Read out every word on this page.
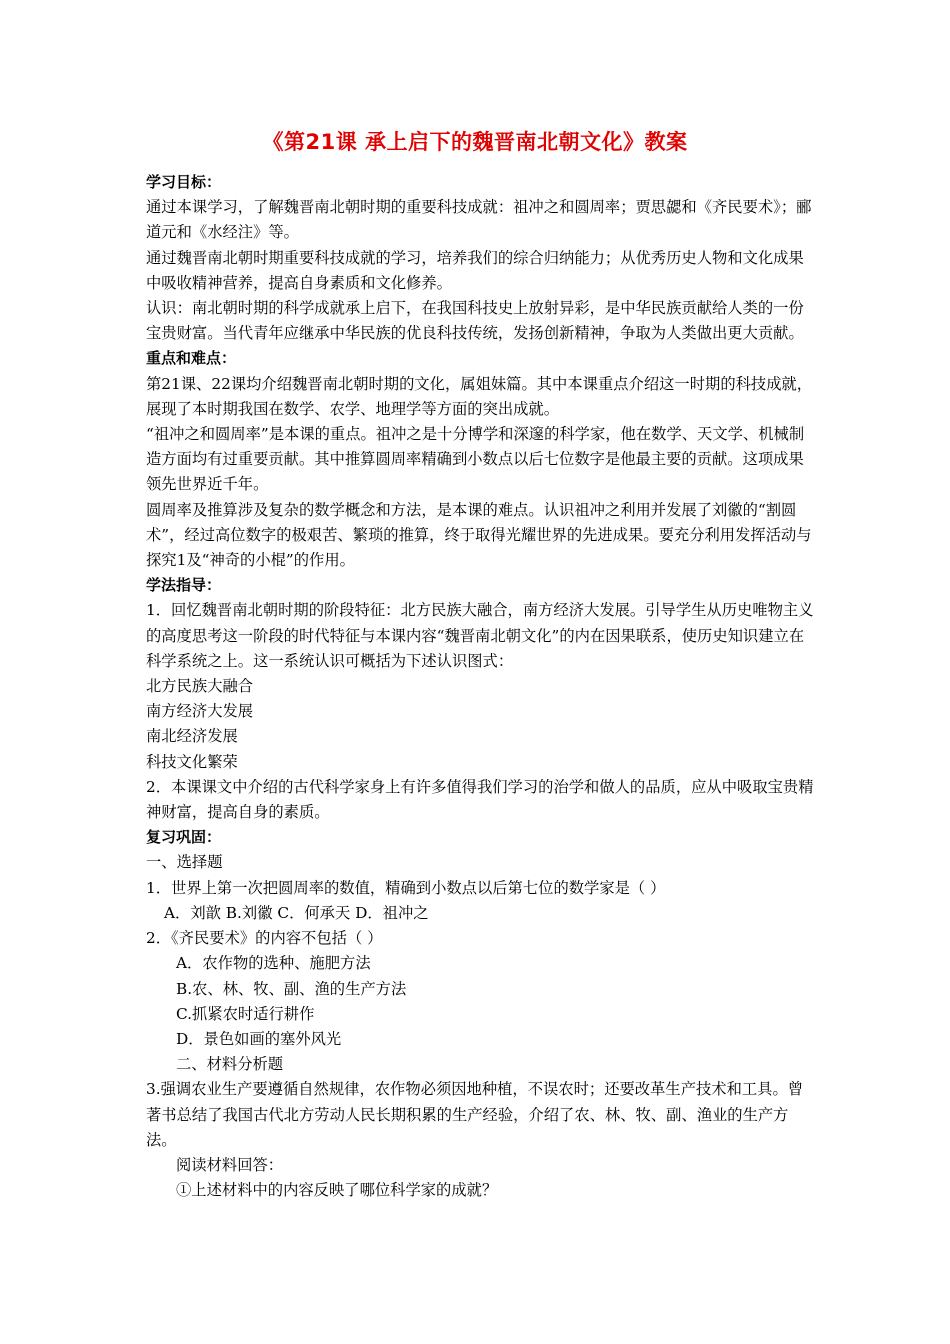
《第21课 承上启下的魏晋南北朝文化》教案

学习目标：

通过本课学习，了解魏晋南北朝时期的重要科技成就：祖冲之和圆周率；贾思勰和《齐民要术》；郦道元和《水经注》等。

通过魏晋南北朝时期重要科技成就的学习，培养我们的综合归纳能力；从优秀历史人物和文化成果中吸收精神营养，提高自身素质和文化修养。

认识：南北朝时期的科学成就承上启下，在我国科技史上放射异彩，是中华民族贡献给人类的一份宝贵财富。当代青年应继承中华民族的优良科技传统，发扬创新精神，争取为人类做出更大贡献。

重点和难点：

第21课、22课均介绍魏晋南北朝时期的文化，属姐妹篇。其中本课重点介绍这一时期的科技成就，展现了本时期我国在数学、农学、地理学等方面的突出成就。

“祖冲之和圆周率”是本课的重点。祖冲之是十分博学和深邃的科学家，他在数学、天文学、机械制造方面均有过重要贡献。其中推算圆周率精确到小数点以后七位数字是他最主要的贡献。这项成果领先世界近千年。

圆周率及推算涉及复杂的数学概念和方法，是本课的难点。认识祖冲之利用并发展了刘徽的“割圆术”，经过高位数字的极艰苦、繁琐的推算，终于取得光耀世界的先进成果。要充分利用发挥活动与探究1及“神奇的小棍”的作用。

学法指导：

1．回忆魏晋南北朝时期的阶段特征：北方民族大融合，南方经济大发展。引导学生从历史唯物主义的高度思考这一阶段的时代特征与本课内容“魏晋南北朝文化”的内在因果联系，使历史知识建立在科学系统之上。这一系统认识可概括为下述认识图式：

北方民族大融合

南方经济大发展

南北经济发展

科技文化繁荣

2．本课课文中介绍的古代科学家身上有许多值得我们学习的治学和做人的品质，应从中吸取宝贵精神财富，提高自身的素质。

复习巩固：

一、选择题

1．世界上第一次把圆周率的数值，精确到小数点以后第七位的数学家是（ ）

A．刘歆 B.刘徽 C．何承天 D．祖冲之

2．《齐民要术》的内容不包括（ ）

A．农作物的选种、施肥方法

B.农、林、牧、副、渔的生产方法

C.抓紧农时适行耕作

D．景色如画的塞外风光

二、材料分析题

3.强调农业生产要遵循自然规律，农作物必须因地种植，不误农时；还要改革生产技术和工具。曾著书总结了我国古代北方劳动人民长期积累的生产经验，介绍了农、林、牧、副、渔业的生产方法。

阅读材料回答：

①上述材料中的内容反映了哪位科学家的成就？
